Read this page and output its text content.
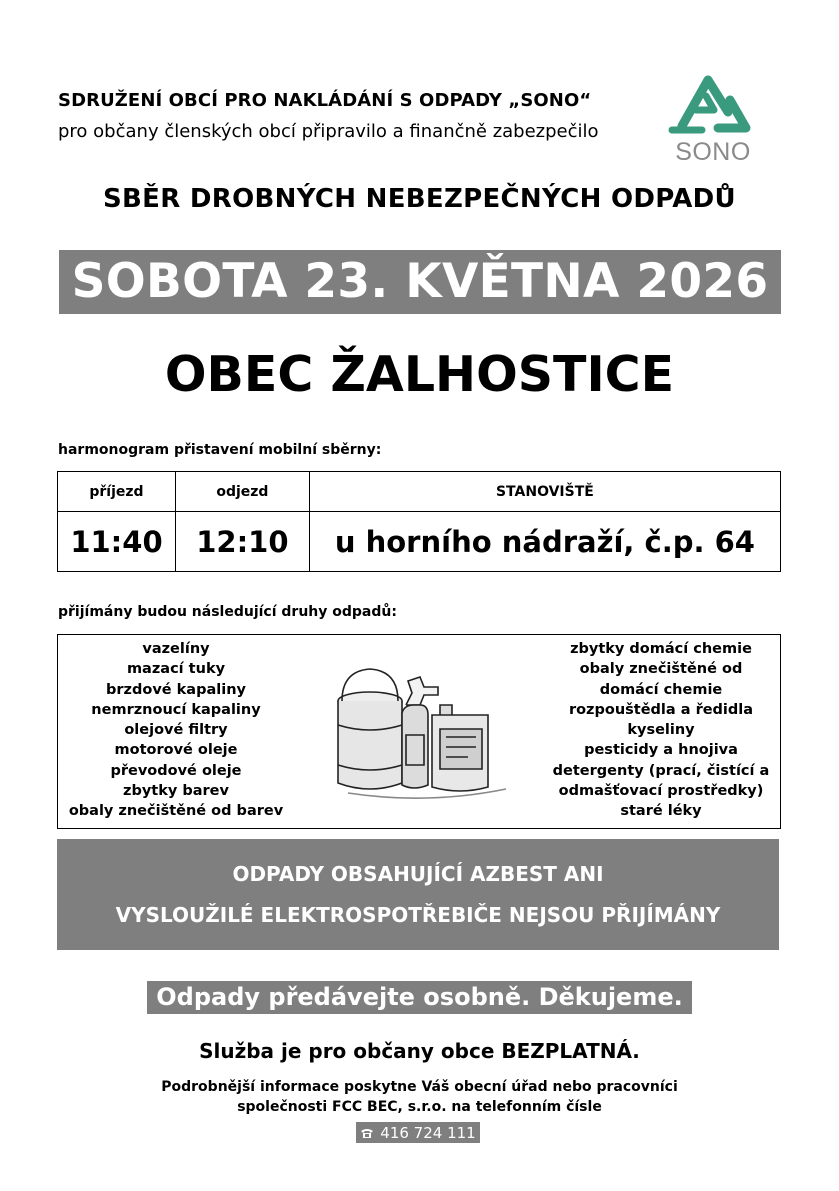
SDRUŽENÍ OBCÍ PRO NAKLÁDÁNÍ S ODPADY „SONO“
pro občany členských obcí připravilo a finančně zabezpečilo
SONO
SBĚR DROBNÝCH NEBEZPEČNÝCH ODPADŮ
SOBOTA 23. KVĚTNA 2026
OBEC ŽALHOSTICE
harmonogram přistavení mobilní sběrny:
příjezd	odjezd	STANOVIŠTĚ
11:40	12:10	u horního nádraží, č.p. 64
přijímány budou následující druhy odpadů:
vazelíny
mazací tuky
brzdové kapaliny
nemrznoucí kapaliny
olejové filtry
motorové oleje
převodové oleje
zbytky barev
obaly znečištěné od barev
zbytky domácí chemie
obaly znečištěné od
domácí chemie
rozpouštědla a ředidla
kyseliny
pesticidy a hnojiva
detergenty (prací, čistící a
odmašťovací prostředky)
staré léky
ODPADY OBSAHUJÍCÍ AZBEST ANI
VYSLOUŽILÉ ELEKTROSPOTŘEBIČE NEJSOU PŘIJÍMÁNY
Odpady předávejte osobně. Děkujeme.
Služba je pro občany obce BEZPLATNÁ.
Podrobnější informace poskytne Váš obecní úřad nebo pracovníci
společnosti FCC BEC, s.r.o. na telefonním čísle
416 724 111
